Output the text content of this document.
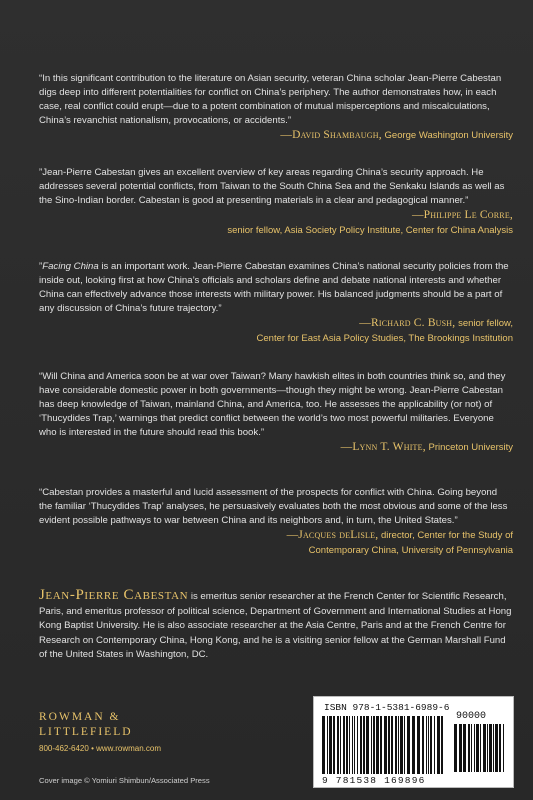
“In this significant contribution to the literature on Asian security, veteran China scholar Jean-Pierre Cabestan digs deep into different potentialities for conflict on China’s periphery. The author demonstrates how, in each case, real conflict could erupt—due to a potent combination of mutual misperceptions and miscalculations, China’s revanchist nationalism, provocations, or accidents.”

—David Shambaugh, George Washington University

”Jean-Pierre Cabestan gives an excellent overview of key areas regarding China’s security approach. He addresses several potential conflicts, from Taiwan to the South China Sea and the Senkaku Islands as well as the Sino-Indian border. Cabestan is good at presenting materials in a clear and pedagogical manner.”

—Philippe Le Corre,
senior fellow, Asia Society Policy Institute, Center for China Analysis

”Facing China is an important work. Jean-Pierre Cabestan examines China’s national security policies from the inside out, looking first at how China’s officials and scholars define and debate national interests and whether China can effectively advance those interests with military power. His balanced judgments should be a part of any discussion of China’s future trajectory.”

—Richard C. Bush, senior fellow,
Center for East Asia Policy Studies, The Brookings Institution

“Will China and America soon be at war over Taiwan? Many hawkish elites in both countries think so, and they have considerable domestic power in both governments—though they might be wrong. Jean-Pierre Cabestan has deep knowledge of Taiwan, mainland China, and America, too. He assesses the applicability (or not) of ‘Thucydides Trap,’ warnings that predict conflict between the world’s two most powerful militaries. Everyone who is interested in the future should read this book.”

—Lynn T. White, Princeton University

“Cabestan provides a masterful and lucid assessment of the prospects for conflict with China. Going beyond the familiar ‘Thucydides Trap’ analyses, he persuasively evaluates both the most obvious and some of the less evident possible pathways to war between China and its neighbors and, in turn, the United States.”

—Jacques deLisle, director, Center for the Study of
Contemporary China, University of Pennsylvania
Jean-Pierre Cabestan is emeritus senior researcher at the French Center for Scientific Research, Paris, and emeritus professor of political science, Department of Government and International Studies at Hong Kong Baptist University. He is also associate researcher at the Asia Centre, Paris and at the French Centre for Research on Contemporary China, Hong Kong, and he is a visiting senior fellow at the German Marshall Fund of the United States in Washington, DC.
ROWMAN &
LITTLEFIELD
800-462-6420 • www.rowman.com
Cover image © Yomiuri Shimbun/Associated Press
ISBN 978-1-5381-6989-6
90000
9 781538 169896
